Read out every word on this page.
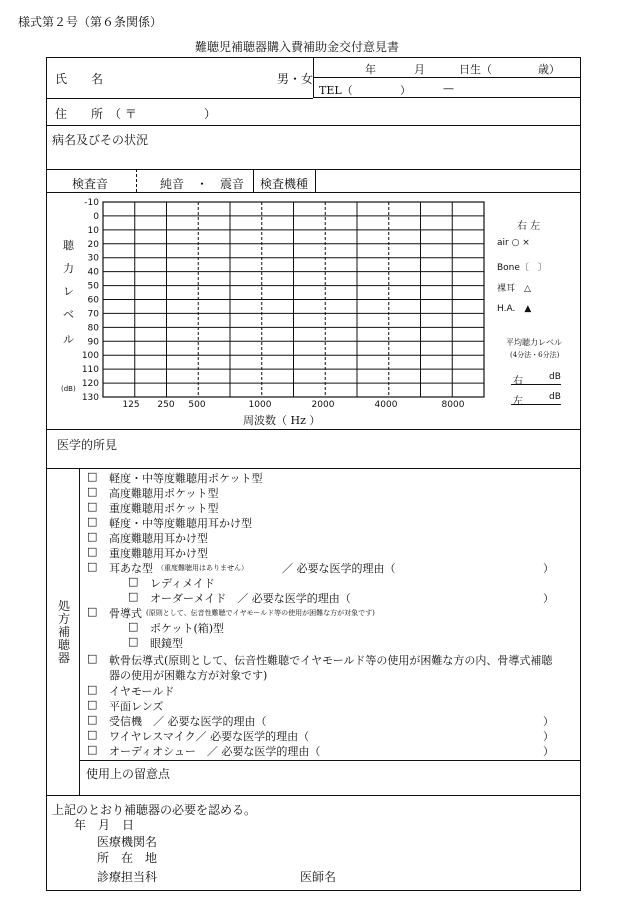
様式第２号（第６条関係）
難聴児補聴器購入費補助金交付意見書
氏　　名	男・女
年	月	日生（	歳）
TEL（	）	—
住　　所　（ 〒	）
病名及びその状況
検査音	純音　・　震音 検査機種
-10
0
10
20
30
40
50
60
70
80
90
100
110
120
130
125 250 500	1000	2000	4000	8000
聴
力
レ
ベ
ル
(dB)
周波数（ Hz ）
右 左
air ○ ×
Bone〔　〕
裸耳　△
H.A.　▲
平均聴力レベル
(4分法・6分法)
右	dB
左	dB
医学的所見
処
方
補
聴
器
□ 軽度・中等度難聴用ポケット型
□ 高度難聴用ポケット型
□ 重度難聴用ポケット型
□ 軽度・中等度難聴用耳かけ型
□ 高度難聴用耳かけ型
□ 重度難聴用耳かけ型
□ 耳あな型 （重度難聴用はありません）	／ 必要な医学的理由（	）
□ レディメイド
□ オーダーメイド　／ 必要な医学的理由（	）
□ 骨導式 (原則として、伝音性難聴でイヤモールド等の使用が困難な方が対象です)
□ ポケット(箱)型
□ 眼鏡型
□ 軟骨伝導式(原則として、伝音性難聴でイヤモールド等の使用が困難な方の内、骨導式補聴
器の使用が困難な方が対象です)
□ イヤモールド
□ 平面レンズ
□ 受信機　／ 必要な医学的理由（	）
□ ワイヤレスマイク／ 必要な医学的理由（	）
□ オーディオシュー　／ 必要な医学的理由（	）
使用上の留意点
上記のとおり補聴器の必要を認める。
年　月　日
医療機関名
所　在　地
診療担当科	医師名
